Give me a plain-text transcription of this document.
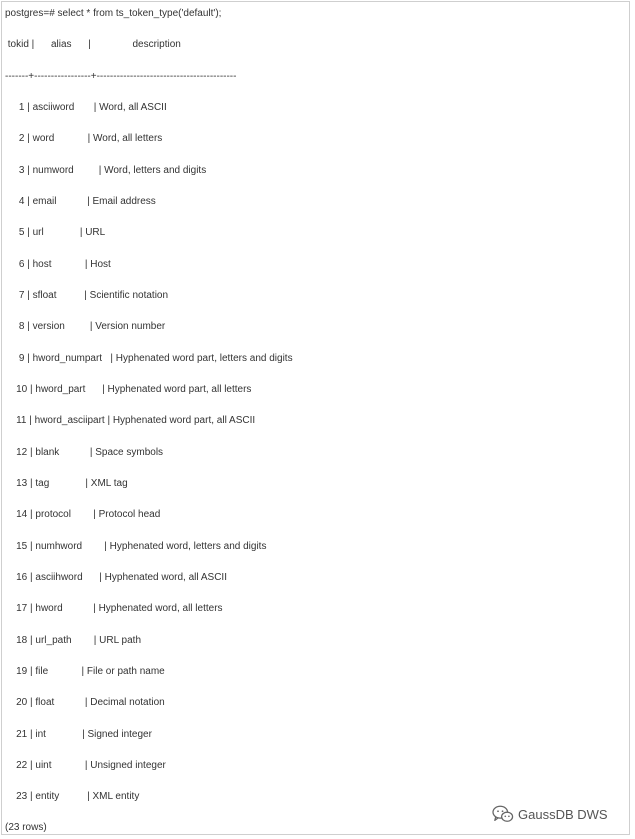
postgres=# select * from ts_token_type('default');
tokid |      alias      |               description
-------+-----------------+------------------------------------------
1 | asciiword       | Word, all ASCII
2 | word            | Word, all letters
3 | numword         | Word, letters and digits
4 | email           | Email address
5 | url             | URL
6 | host            | Host
7 | sfloat          | Scientific notation
8 | version         | Version number
9 | hword_numpart   | Hyphenated word part, letters and digits
10 | hword_part      | Hyphenated word part, all letters
11 | hword_asciipart | Hyphenated word part, all ASCII
12 | blank           | Space symbols
13 | tag             | XML tag
14 | protocol        | Protocol head
15 | numhword        | Hyphenated word, letters and digits
16 | asciihword      | Hyphenated word, all ASCII
17 | hword           | Hyphenated word, all letters
18 | url_path        | URL path
19 | file            | File or path name
20 | float           | Decimal notation
21 | int             | Signed integer
22 | uint            | Unsigned integer
23 | entity          | XML entity
(23 rows)
GaussDB DWS
